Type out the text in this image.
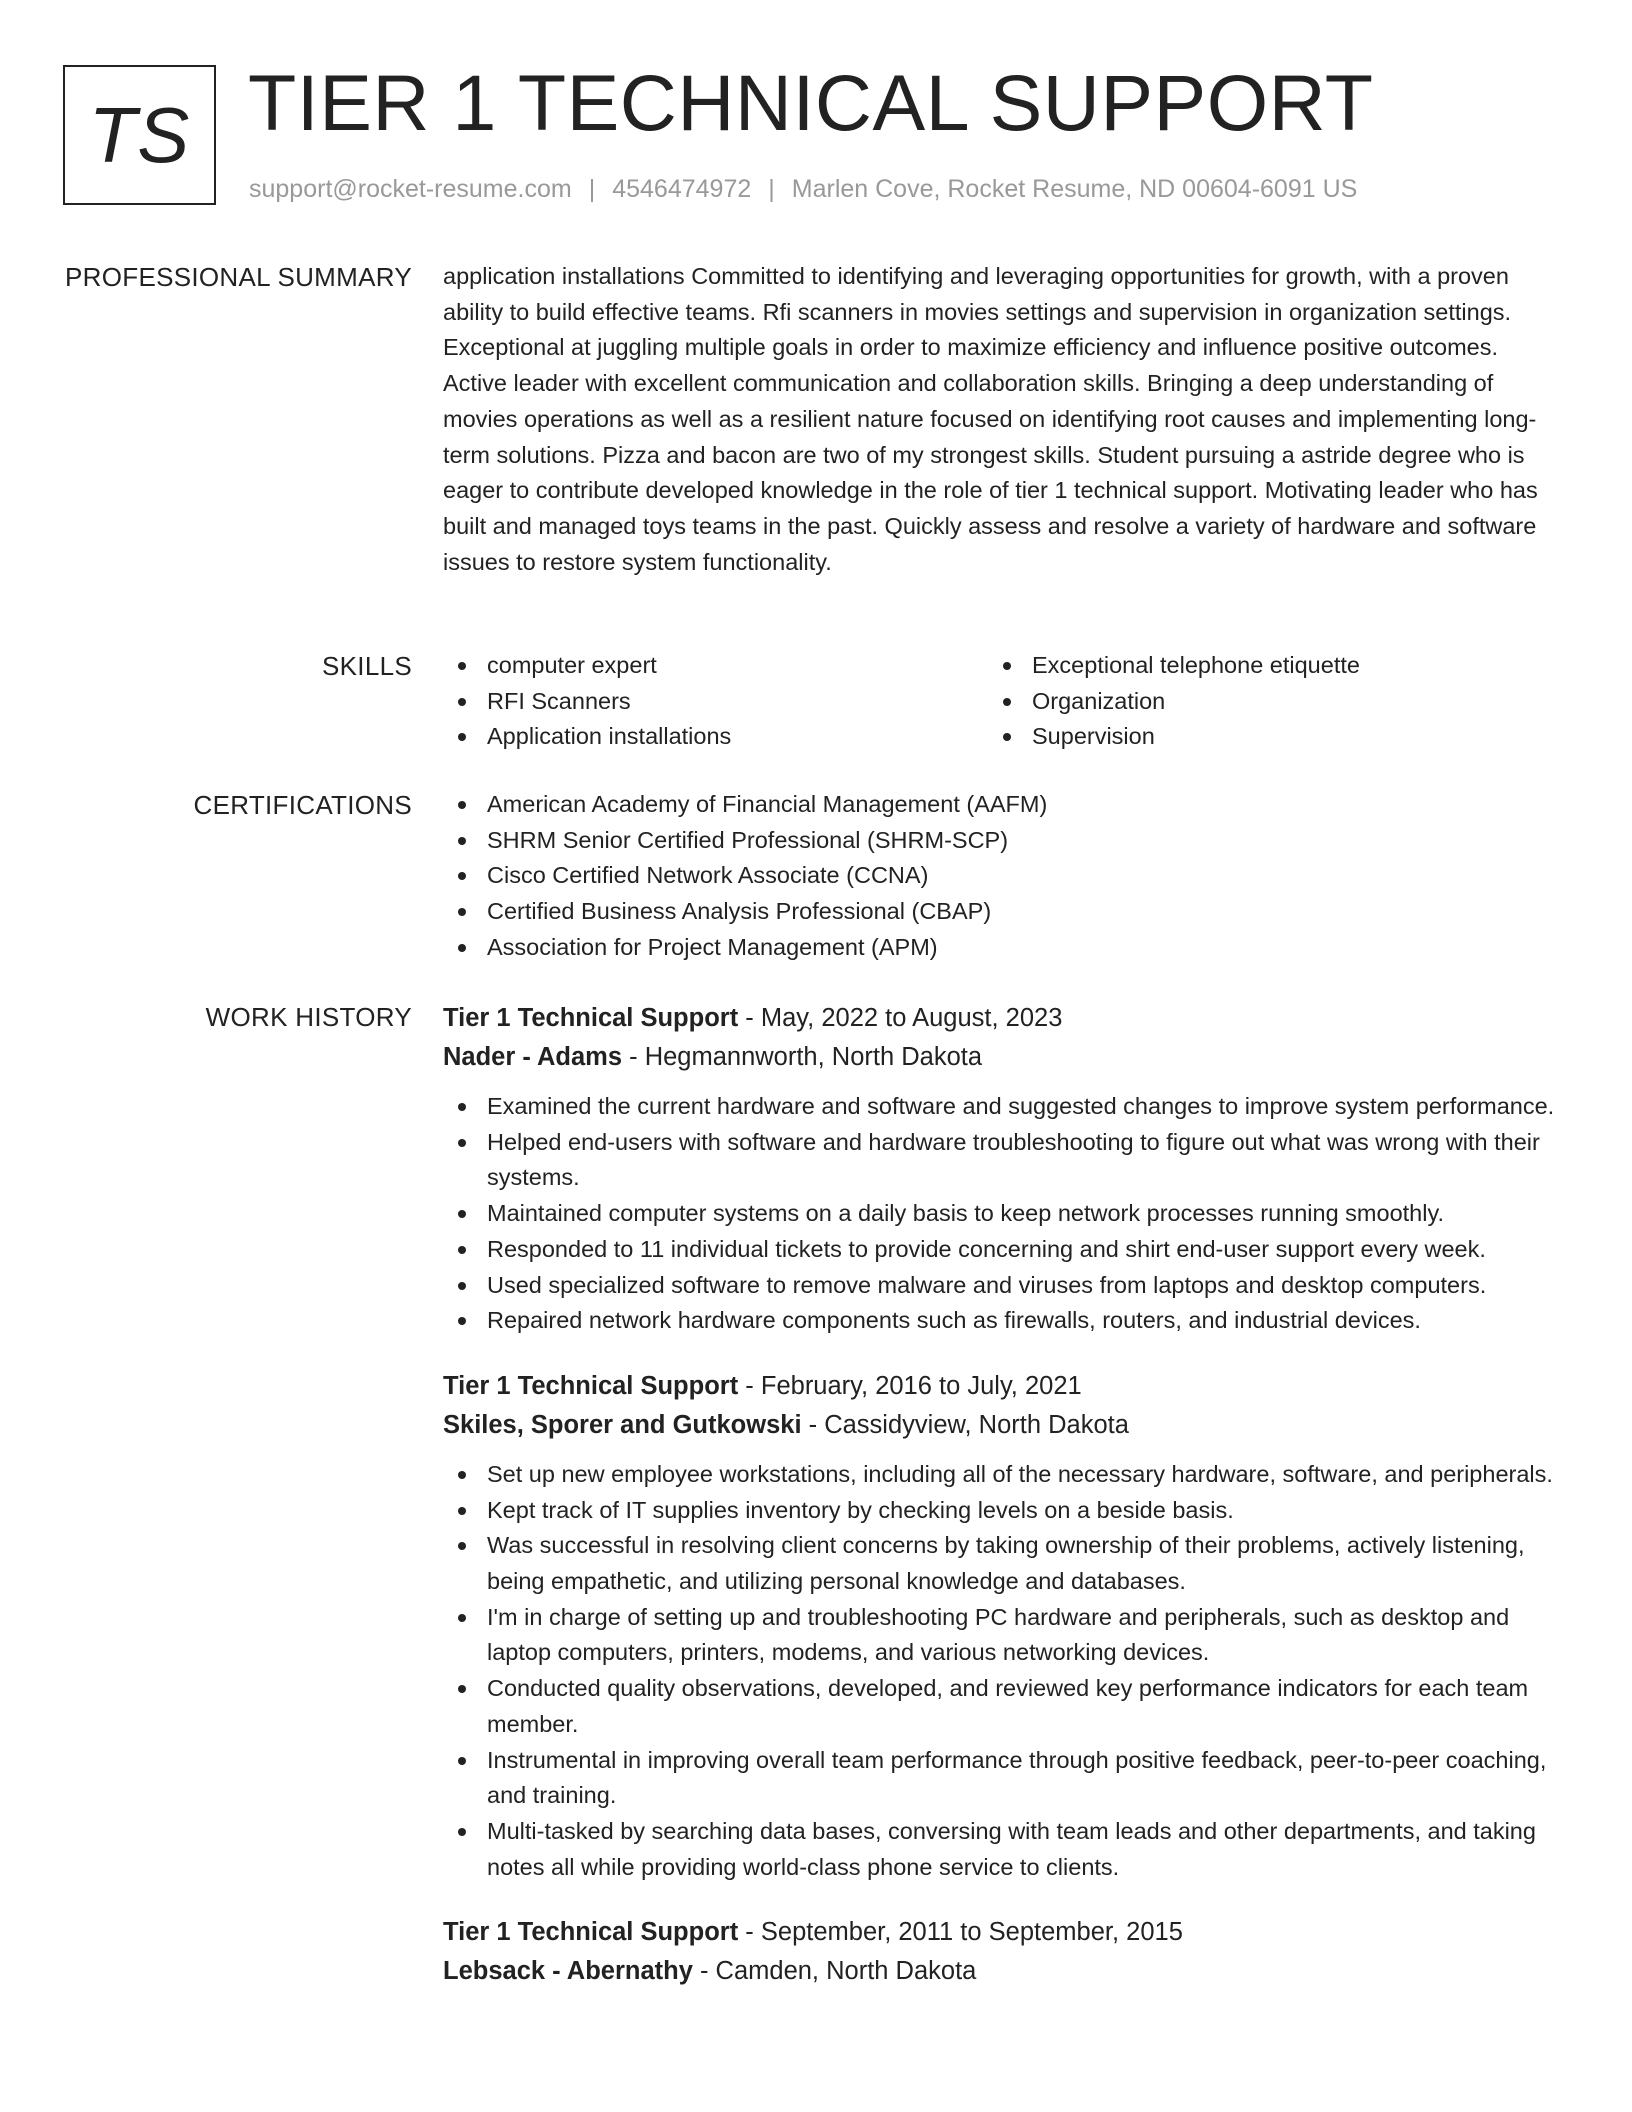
TS TIER 1 TECHNICAL SUPPORT
support@rocket-resume.com | 4546474972 | Marlen Cove, Rocket Resume, ND 00604-6091 US
PROFESSIONAL SUMMARY application installations Committed to identifying and leveraging opportunities for growth, with a proven ability to build effective teams. Rfi scanners in movies settings and supervision in organization settings. Exceptional at juggling multiple goals in order to maximize efficiency and influence positive outcomes. Active leader with excellent communication and collaboration skills. Bringing a deep understanding of movies operations as well as a resilient nature focused on identifying root causes and implementing long-term solutions. Pizza and bacon are two of my strongest skills. Student pursuing a astride degree who is eager to contribute developed knowledge in the role of tier 1 technical support. Motivating leader who has built and managed toys teams in the past. Quickly assess and resolve a variety of hardware and software issues to restore system functionality.

SKILLS	computer expert
RFI Scanners
Application installations
Exceptional telephone etiquette
Organization
Supervision
CERTIFICATIONS	American Academy of Financial Management (AAFM)
SHRM Senior Certified Professional (SHRM-SCP)
Cisco Certified Network Associate (CCNA)
Certified Business Analysis Professional (CBAP)
Association for Project Management (APM)
WORK HISTORY Tier 1 Technical Support - May, 2022 to August, 2023
Nader - Adams - Hegmannworth, North Dakota
Examined the current hardware and software and suggested changes to improve system performance.
Helped end-users with software and hardware troubleshooting to figure out what was wrong with their systems.
Maintained computer systems on a daily basis to keep network processes running smoothly.
Responded to 11 individual tickets to provide concerning and shirt end-user support every week.
Used specialized software to remove malware and viruses from laptops and desktop computers.
Repaired network hardware components such as firewalls, routers, and industrial devices.
Tier 1 Technical Support - February, 2016 to July, 2021
Skiles, Sporer and Gutkowski - Cassidyview, North Dakota
Set up new employee workstations, including all of the necessary hardware, software, and peripherals.
Kept track of IT supplies inventory by checking levels on a beside basis.
Was successful in resolving client concerns by taking ownership of their problems, actively listening, being empathetic, and utilizing personal knowledge and databases.
I'm in charge of setting up and troubleshooting PC hardware and peripherals, such as desktop and laptop computers, printers, modems, and various networking devices.
Conducted quality observations, developed, and reviewed key performance indicators for each team member.
Instrumental in improving overall team performance through positive feedback, peer-to-peer coaching, and training.
Multi-tasked by searching data bases, conversing with team leads and other departments, and taking notes all while providing world-class phone service to clients.
Tier 1 Technical Support - September, 2011 to September, 2015
Lebsack - Abernathy - Camden, North Dakota
